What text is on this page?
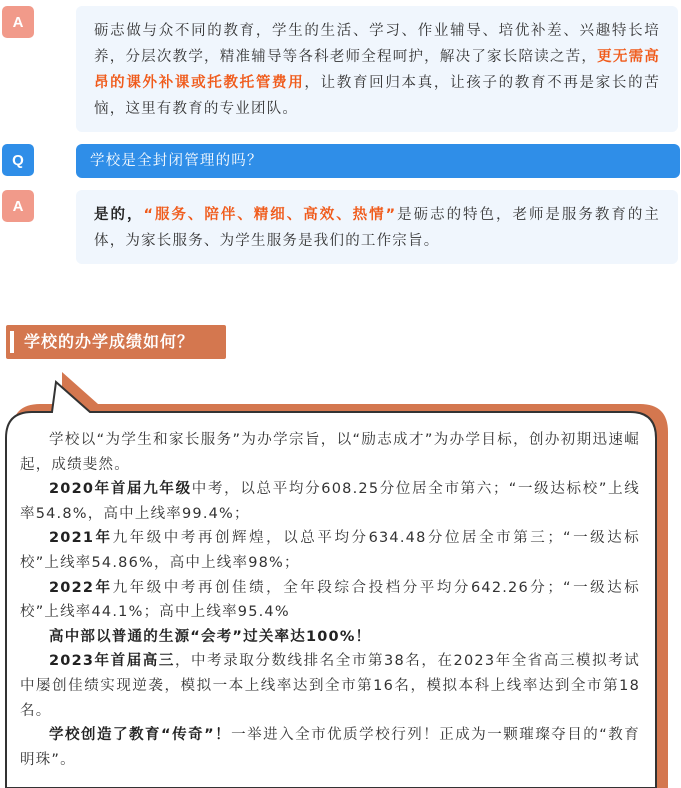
A
砺志做与众不同的教育，学生的生活、学习、作业辅导、培优补差、兴趣特长培养，分层次教学，精准辅导等各科老师全程呵护，解决了家长陪读之苦，更无需高昂的课外补课或托教托管费用，让教育回归本真，让孩子的教育不再是家长的苦恼，这里有教育的专业团队。
Q	学校是全封闭管理的吗？
A
是的，“服务、陪伴、精细、高效、热情”是砺志的特色，老师是服务教育的主体，为家长服务、为学生服务是我们的工作宗旨。
学校的办学成绩如何？

学校以“为学生和家长服务”为办学宗旨，以“励志成才”为办学目标，创办初期迅速崛起，成绩斐然。

2020年首届九年级中考，以总平均分608.25分位居全市第六；“一级达标校”上线率54.8%，高中上线率99.4%；

2021年九年级中考再创辉煌，以总平均分634.48分位居全市第三；“一级达标校”上线率54.86%，高中上线率98%；

2022年九年级中考再创佳绩，全年段综合投档分平均分642.26分；“一级达标校”上线率44.1%；高中上线率95.4%

高中部以普通的生源“会考”过关率达100%！

2023年首届高三，中考录取分数线排名全市第38名，在2023年全省高三模拟考试中屡创佳绩实现逆袭，模拟一本上线率达到全市第16名，模拟本科上线率达到全市第18名。

学校创造了教育“传奇”！一举进入全市优质学校行列！正成为一颗璀璨夺目的“教育明珠”。
